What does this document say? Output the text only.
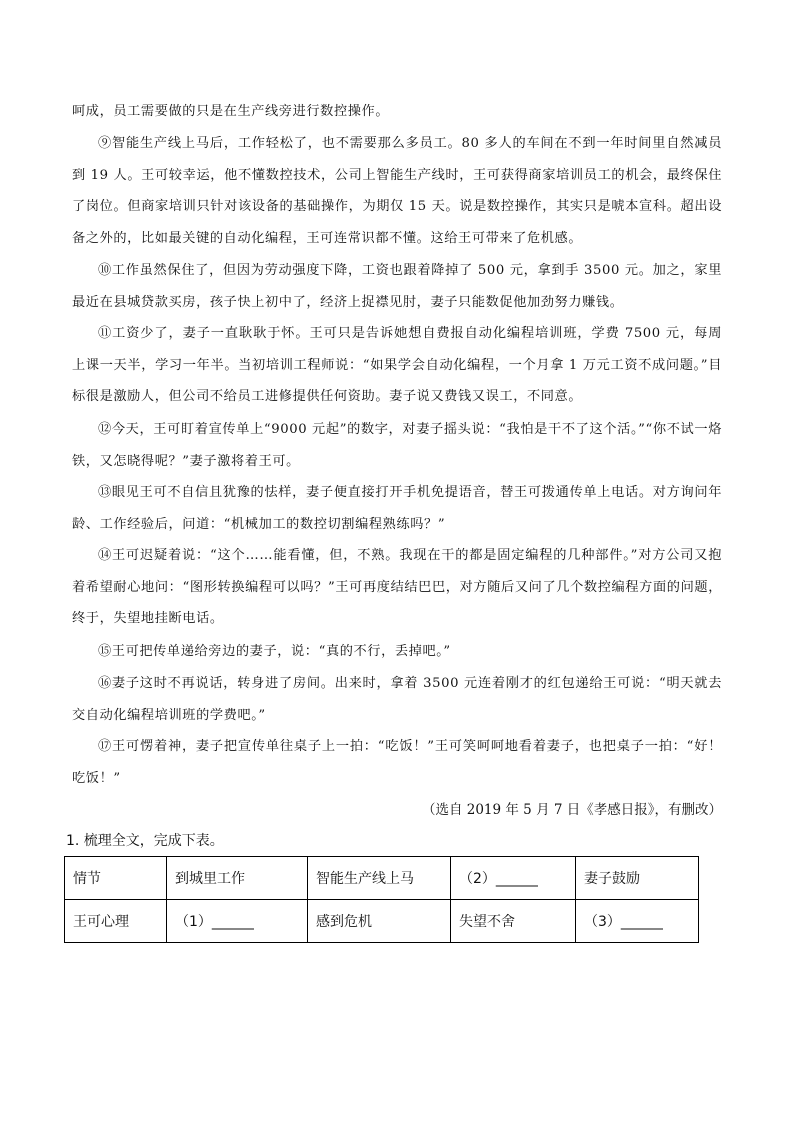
呵成，员工需要做的只是在生产线旁进行数控操作。

⑨智能生产线上马后，工作轻松了，也不需要那么多员工。80 多人的车间在不到一年时间里自然减员到 19 人。王可较幸运，他不懂数控技术，公司上智能生产线时，王可获得商家培训员工的机会，最终保住了岗位。但商家培训只针对该设备的基础操作，为期仅 15 天。说是数控操作，其实只是唬本宣科。超出设备之外的，比如最关键的自动化编程，王可连常识都不懂。这给王可带来了危机感。

⑩工作虽然保住了，但因为劳动强度下降，工资也跟着降掉了 500 元，拿到手 3500 元。加之，家里最近在县城贷款买房，孩子快上初中了，经济上捉襟见肘，妻子只能数促他加劲努力赚钱。

⑪工资少了，妻子一直耿耿于怀。王可只是告诉她想自费报自动化编程培训班，学费 7500 元，每周上课一天半，学习一年半。当初培训工程师说：“如果学会自动化编程，一个月拿 1 万元工资不成问题。”目标很是激励人，但公司不给员工进修提供任何资助。妻子说又费钱又误工，不同意。

⑫今天，王可盯着宣传单上“9000 元起”的数字，对妻子摇头说：“我怕是干不了这个活。”“你不试一烙铁，又怎晓得呢？”妻子激将着王可。

⑬眼见王可不自信且犹豫的怯样，妻子便直接打开手机免提语音，替王可拨通传单上电话。对方询问年龄、工作经验后，问道：“机械加工的数控切割编程熟练吗？”

⑭王可迟疑着说：“这个……能看懂，但，不熟。我现在干的都是固定编程的几种部件。”对方公司又抱着希望耐心地问：“图形转换编程可以吗？”王可再度结结巴巴，对方随后又问了几个数控编程方面的问题，终于，失望地挂断电话。

⑮王可把传单递给旁边的妻子，说：“真的不行，丢掉吧。”

⑯妻子这时不再说话，转身进了房间。出来时，拿着 3500 元连着刚才的红包递给王可说：“明天就去交自动化编程培训班的学费吧。”

⑰王可愣着神，妻子把宣传单往桌子上一拍：“吃饭！”王可笑呵呵地看着妻子，也把桌子一拍：“好！吃饭！”

（选自 2019 年 5 月 7 日《孝感日报》，有删改）

1. 梳理全文，完成下表。

情节	到城里工作	智能生产线上马	（2）______	妻子鼓励
王可心理	（1）______	感到危机	失望不舍	（3）______
